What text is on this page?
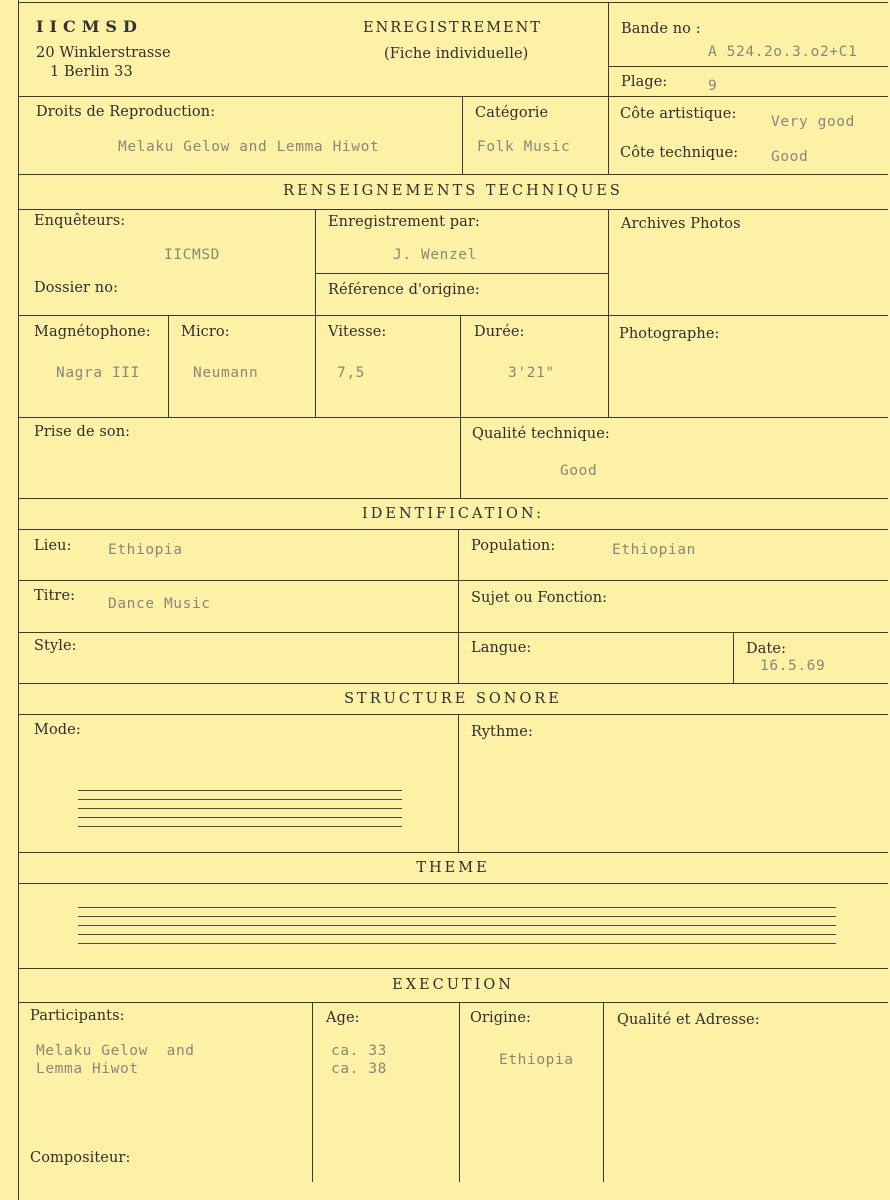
IICMSD
20 Winklerstrasse
1 Berlin 33
ENREGISTREMENT
(Fiche individuelle)
Bande no :
A 524.2o.3.o2+C1
Plage:	9
Droits de Reproduction:
Melaku Gelow and Lemma Hiwot
Catégorie
Folk Music
Côte artistique: Very good
Côte technique: Good
RENSEIGNEMENTS TECHNIQUES
Enquêteurs:
IICMSD
Enregistrement par:
J. Wenzel
Archives Photos
Dossier no:	Référence d'origine:
Magnétophone:
Nagra III
Micro:
Neumann
Vitesse:
7,5
Durée:
3'21"
Photographe:
Prise de son:	Qualité technique:
Good
IDENTIFICATION:
Lieu:	Ethiopia	Population:	Ethiopian
Titre: Dance Music	Sujet ou Fonction:
Style:	Langue:	Date:
16.5.69
STRUCTURE SONORE
Mode:	Rythme:
THEME
EXECUTION
Participants:
Melaku Gelow  and
Lemma Hiwot
Age:
ca. 33
ca. 38
Origine:
Ethiopia
Qualité et Adresse:
Compositeur:
